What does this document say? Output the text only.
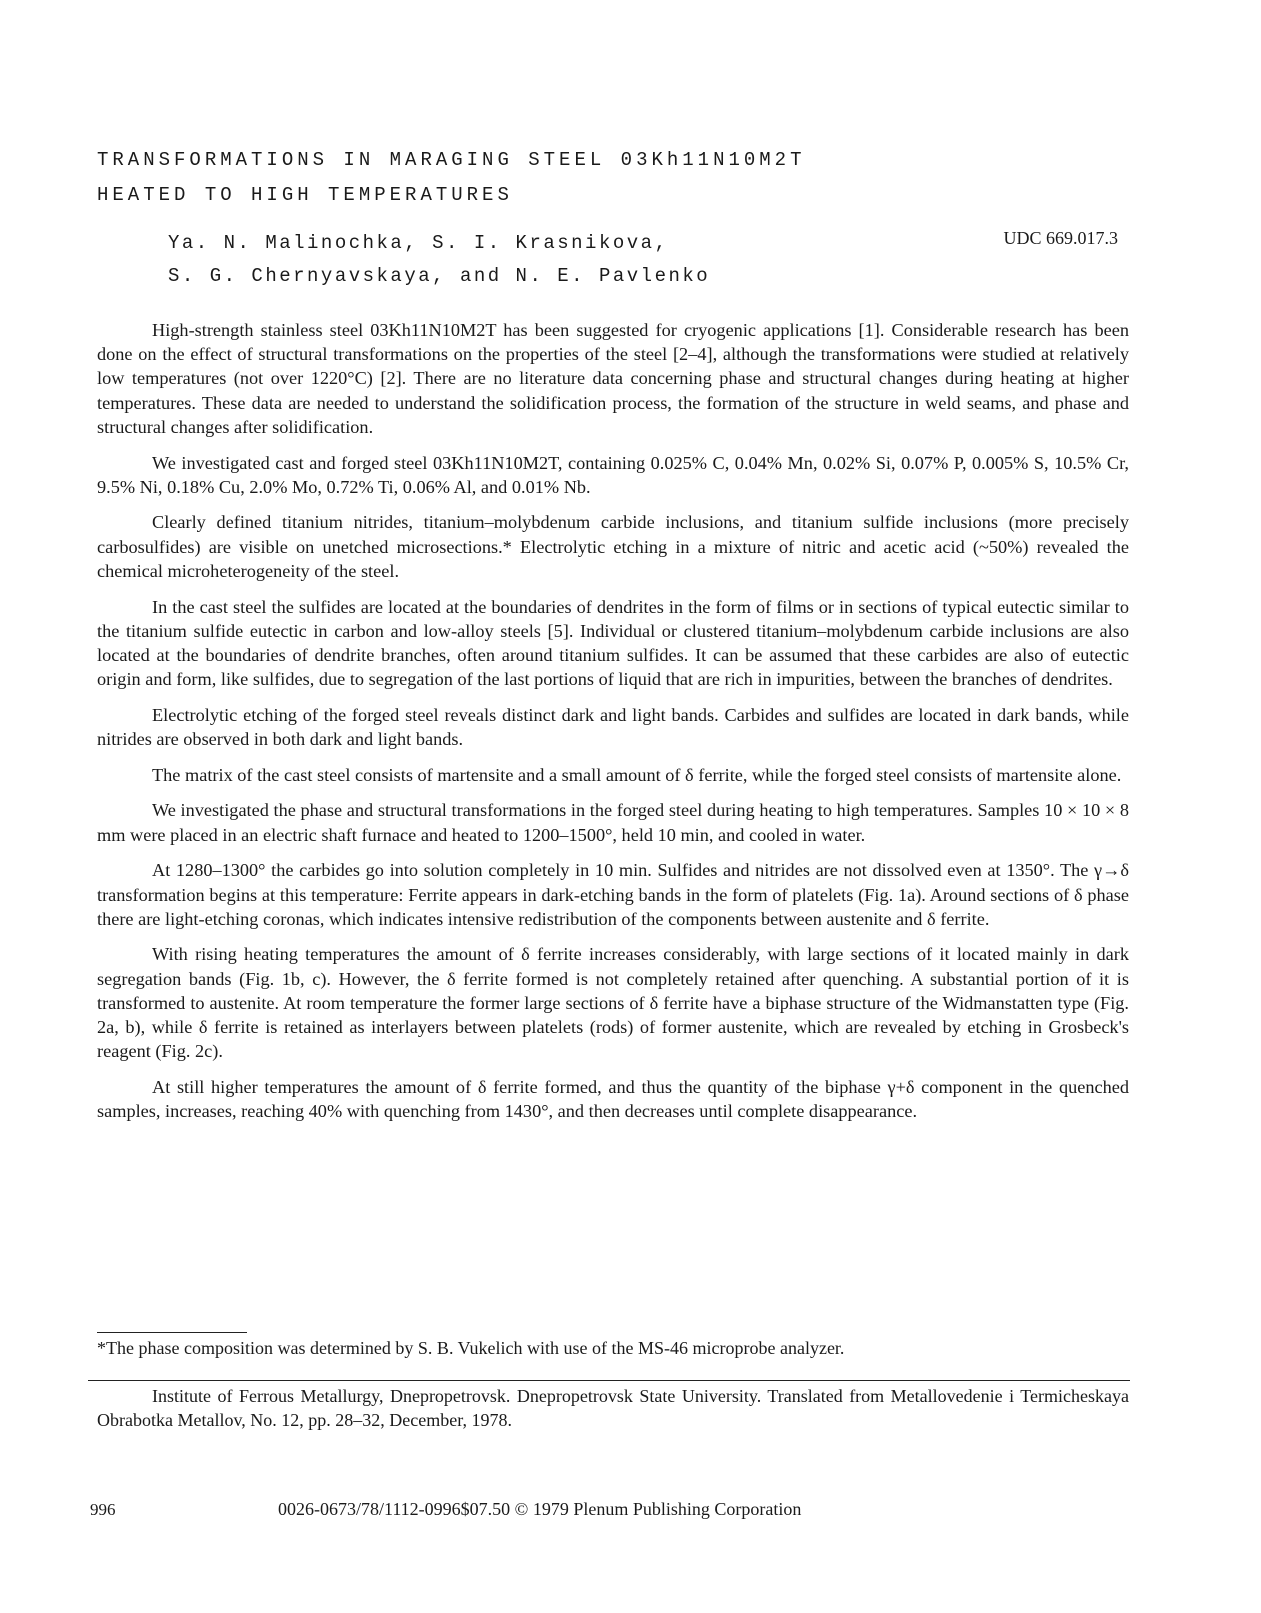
TRANSFORMATIONS IN MARAGING STEEL 03Kh11N10M2T
HEATED TO HIGH TEMPERATURES
Ya. N. Malinochka, S. I. Krasnikova,
S. G. Chernyavskaya, and N. E. Pavlenko
UDC 669.017.3

High-strength stainless steel 03Kh11N10M2T has been suggested for cryogenic applications [1]. Considerable research has been done on the effect of structural transformations on the properties of the steel [2–4], although the transformations were studied at relatively low temperatures (not over 1220°C) [2]. There are no literature data concerning phase and structural changes during heating at higher temperatures. These data are needed to understand the solidification process, the formation of the structure in weld seams, and phase and structural changes after solidification.

We investigated cast and forged steel 03Kh11N10M2T, containing 0.025% C, 0.04% Mn, 0.02% Si, 0.07% P, 0.005% S, 10.5% Cr, 9.5% Ni, 0.18% Cu, 2.0% Mo, 0.72% Ti, 0.06% Al, and 0.01% Nb.

Clearly defined titanium nitrides, titanium–molybdenum carbide inclusions, and titanium sulfide inclusions (more precisely carbosulfides) are visible on unetched microsections.* Electrolytic etching in a mixture of nitric and acetic acid (~50%) revealed the chemical microheterogeneity of the steel.

In the cast steel the sulfides are located at the boundaries of dendrites in the form of films or in sections of typical eutectic similar to the titanium sulfide eutectic in carbon and low-alloy steels [5]. Individual or clustered titanium–molybdenum carbide inclusions are also located at the boundaries of dendrite branches, often around titanium sulfides. It can be assumed that these carbides are also of eutectic origin and form, like sulfides, due to segregation of the last portions of liquid that are rich in impurities, between the branches of dendrites.

Electrolytic etching of the forged steel reveals distinct dark and light bands. Carbides and sulfides are located in dark bands, while nitrides are observed in both dark and light bands.

The matrix of the cast steel consists of martensite and a small amount of δ ferrite, while the forged steel consists of martensite alone.

We investigated the phase and structural transformations in the forged steel during heating to high temperatures. Samples 10 × 10 × 8 mm were placed in an electric shaft furnace and heated to 1200–1500°, held 10 min, and cooled in water.

At 1280–1300° the carbides go into solution completely in 10 min. Sulfides and nitrides are not dissolved even at 1350°. The γ→δ transformation begins at this temperature: Ferrite appears in dark-etching bands in the form of platelets (Fig. 1a). Around sections of δ phase there are light-etching coronas, which indicates intensive redistribution of the components between austenite and δ ferrite.

With rising heating temperatures the amount of δ ferrite increases considerably, with large sections of it located mainly in dark segregation bands (Fig. 1b, c). However, the δ ferrite formed is not completely retained after quenching. A substantial portion of it is transformed to austenite. At room temperature the former large sections of δ ferrite have a biphase structure of the Widmanstatten type (Fig. 2a, b), while δ ferrite is retained as interlayers between platelets (rods) of former austenite, which are revealed by etching in Grosbeck's reagent (Fig. 2c).

At still higher temperatures the amount of δ ferrite formed, and thus the quantity of the biphase γ+δ component in the quenched samples, increases, reaching 40% with quenching from 1430°, and then decreases until complete disappearance.

*The phase composition was determined by S. B. Vukelich with use of the MS-46 microprobe analyzer.
Institute of Ferrous Metallurgy, Dnepropetrovsk. Dnepropetrovsk State University. Translated from Metallovedenie i Termicheskaya Obrabotka Metallov, No. 12, pp. 28–32, December, 1978.
996	0026-0673/78/1112-0996$07.50 © 1979 Plenum Publishing Corporation
